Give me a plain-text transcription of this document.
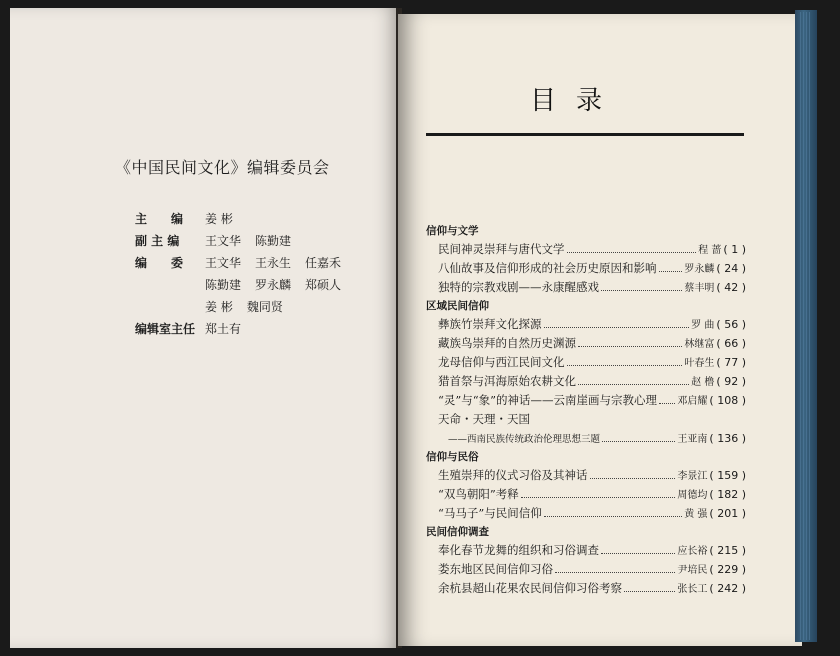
《中国民间文化》编辑委员会
主　　编	姜 彬
副 主 编	王文华 陈勤建
编　　委	王文华 王永生 任嘉禾
陈勤建 罗永麟 郑硕人
姜 彬 魏同贤
编辑室主任 郑土有
目录
信仰与文学
民间神灵崇拜与唐代文学	程 蔷 ( 1 )
八仙故事及信仰形成的社会历史原因和影响	罗永麟 ( 24 )
独特的宗教戏剧——永康醒感戏	蔡丰明 ( 42 )
区域民间信仰
彝族竹崇拜文化探源	罗 曲 ( 56 )
藏族鸟崇拜的自然历史渊源	林继富 ( 66 )
龙母信仰与西江民间文化	叶春生 ( 77 )
猎首祭与洱海原始农耕文化	赵 橹 ( 92 )
“灵”与“象”的神话——云南崖画与宗教心理 邓启耀 ( 108 )
天命・天理・天国
——西南民族传统政治伦理思想三题	王亚南 ( 136 )
信仰与民俗
生殖崇拜的仪式习俗及其神话	李景江 ( 159 )
“双鸟朝阳”考释	周德均 ( 182 )
“马马子”与民间信仰	黄 强 ( 201 )
民间信仰调查
奉化春节龙舞的组织和习俗调查	应长裕 ( 215 )
娄东地区民间信仰习俗	尹培民 ( 229 )
余杭县超山花果农民间信仰习俗考察	张长工 ( 242 )
